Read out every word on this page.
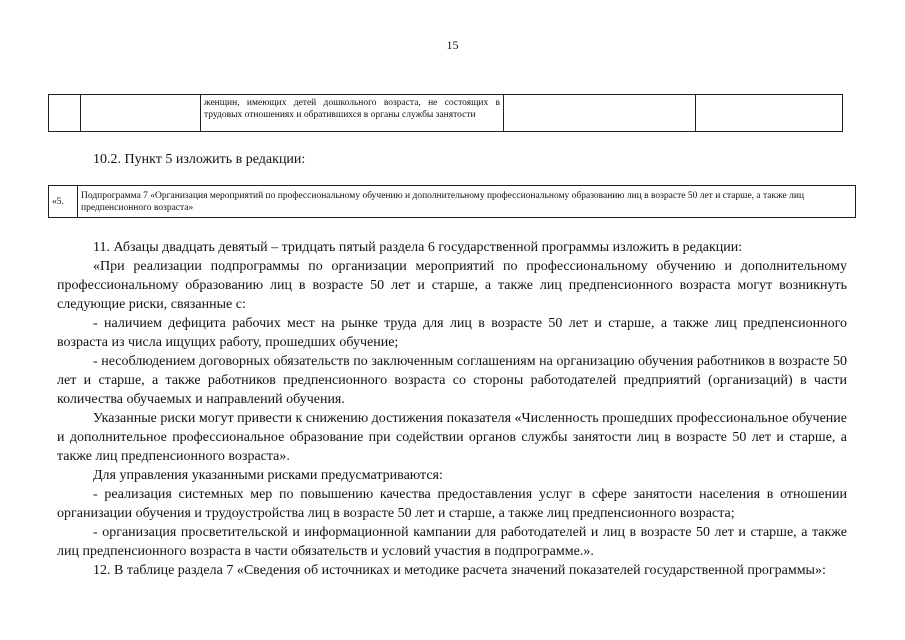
15
		женщин, имеющих детей дошкольного возраста, не состоящих в трудовых отношениях и обратившихся в органы службы занятости		
10.2. Пункт 5 изложить в редакции:
«5.	Подпрограмма 7 «Организация мероприятий по профессиональному обучению и дополнительному профессиональному образованию лиц в возрасте 50 лет и старше, а также лиц предпенсионного возраста»

11. Абзацы двадцать девятый – тридцать пятый раздела 6 государственной программы изложить в редакции:

«При реализации подпрограммы по организации мероприятий по профессиональному обучению и дополнительному профессиональному образованию лиц в возрасте 50 лет и старше, а также лиц предпенсионного возраста могут возникнуть следующие риски, связанные с:

- наличием дефицита рабочих мест на рынке труда для лиц в возрасте 50 лет и старше, а также лиц предпенсионного возраста из числа ищущих работу, прошедших обучение;

- несоблюдением договорных обязательств по заключенным соглашениям на организацию обучения работников в возрасте 50 лет и старше, а также работников предпенсионного возраста со стороны работодателей предприятий (организаций) в части количества обучаемых и направлений обучения.

Указанные риски могут привести к снижению достижения показателя «Численность прошедших профессиональное обучение и дополнительное профессиональное образование при содействии органов службы занятости лиц в возрасте 50 лет и старше, а также лиц предпенсионного возраста».

Для управления указанными рисками предусматриваются:

- реализация системных мер по повышению качества предоставления услуг в сфере занятости населения в отношении организации обучения и трудоустройства лиц в возрасте 50 лет и старше, а также лиц предпенсионного возраста;

- организация просветительской и информационной кампании для работодателей и лиц в возрасте 50 лет и старше, а также лиц предпенсионного возраста в части обязательств и условий участия в подпрограмме.».

12. В таблице раздела 7 «Сведения об источниках и методике расчета значений показателей государственной программы»:
